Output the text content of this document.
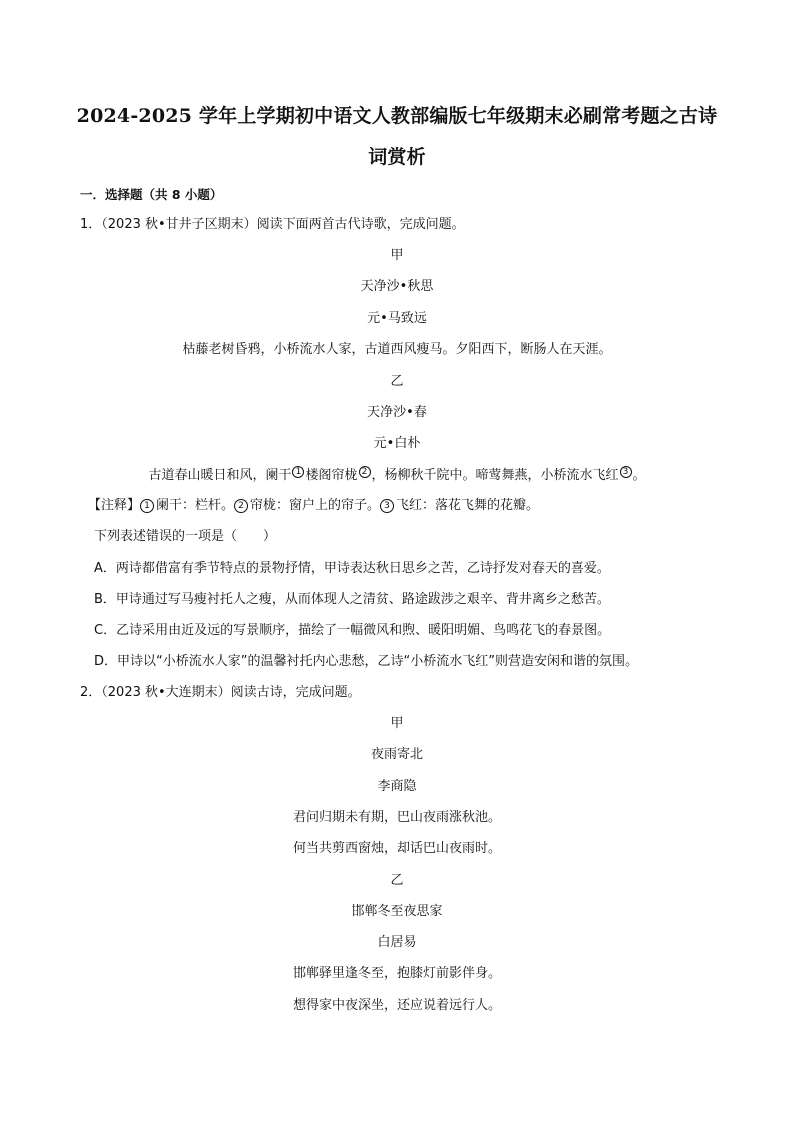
2024-2025 学年上学期初中语文人教部编版七年级期末必刷常考题之古诗
词赏析
一．选择题（共 8 小题）
1．（2023 秋•甘井子区期末）阅读下面两首古代诗歌，完成问题。
甲
天净沙•秋思
元•马致远
枯藤老树昏鸦，小桥流水人家，古道西风瘦马。夕阳西下，断肠人在天涯。
乙
天净沙•春
元•白朴
古道春山暖日和风，阑干 1 楼阁帘栊 2 ，杨柳秋千院中。啼莺舞燕，小桥流水飞红 3 。
【注释】 1 阑干：栏杆。 2 帘栊：窗户上的帘子。 3 飞红：落花飞舞的花瓣。
下列表述错误的一项是（　　）
A．两诗都借富有季节特点的景物抒情，甲诗表达秋日思乡之苦，乙诗抒发对春天的喜爱。
B．甲诗通过写马瘦衬托人之瘦，从而体现人之清贫、路途跋涉之艰辛、背井离乡之愁苦。
C．乙诗采用由近及远的写景顺序，描绘了一幅微风和煦、暖阳明媚、鸟鸣花飞的春景图。
D．甲诗以“小桥流水人家”的温馨衬托内心悲愁，乙诗“小桥流水飞红”则营造安闲和谐的氛围。
2．（2023 秋•大连期末）阅读古诗，完成问题。
甲
夜雨寄北
李商隐
君问归期未有期，巴山夜雨涨秋池。
何当共剪西窗烛，却话巴山夜雨时。
乙
邯郸冬至夜思家
白居易
邯郸驿里逢冬至，抱膝灯前影伴身。
想得家中夜深坐，还应说着远行人。
